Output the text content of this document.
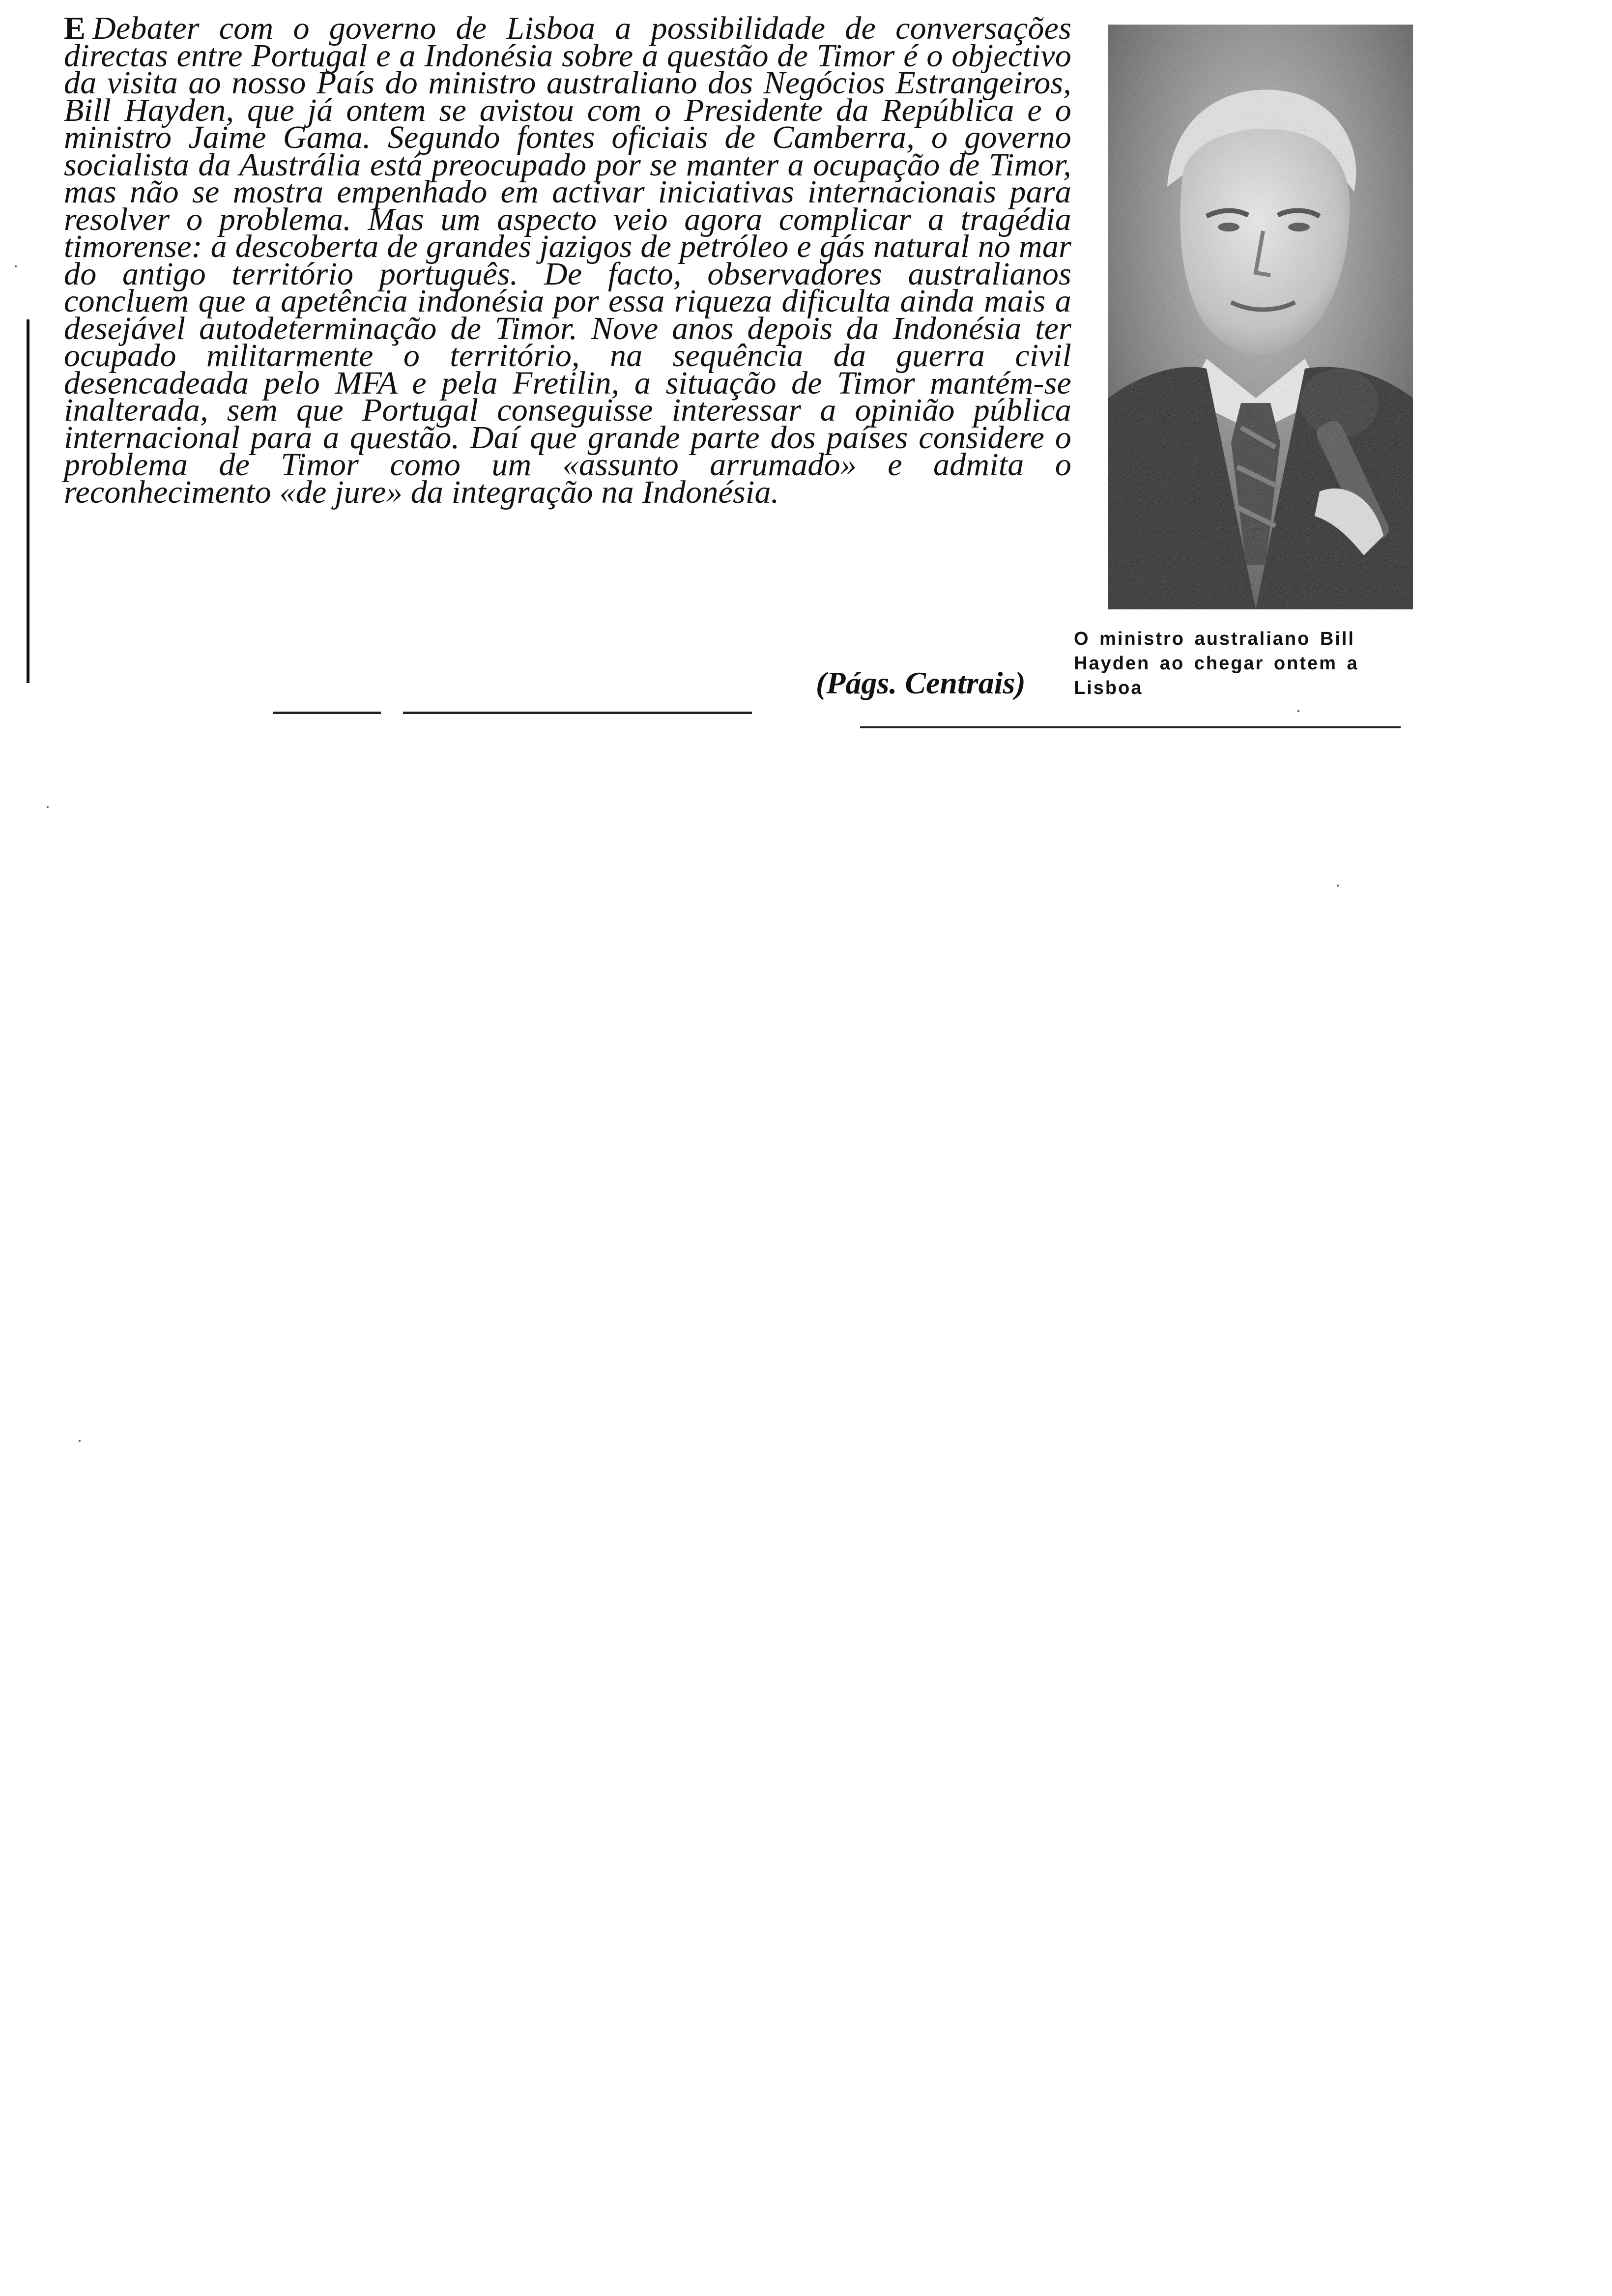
E Debater com o governo de Lisboa a possibilidade de conversações directas entre Portugal e a Indonésia sobre a questão de Timor é o objectivo da visita ao nosso País do ministro australiano dos Negócios Estrangeiros, Bill Hayden, que já ontem se avistou com o Presidente da República e o ministro Jaime Gama. Segundo fontes oficiais de Camberra, o governo socialista da Austrália está preocupado por se manter a ocupação de Timor, mas não se mostra empenhado em activar iniciativas internacionais para resolver o problema. Mas um aspecto veio agora complicar a tragédia timorense: a descoberta de grandes jazigos de petróleo e gás natural no mar do antigo território português. De facto, observadores australianos concluem que a apetência indonésia por essa riqueza dificulta ainda mais a desejável autodeterminação de Timor. Nove anos depois da Indonésia ter ocupado militarmente o território, na sequência da guerra civil desencadeada pelo MFA e pela Fretilin, a situação de Timor mantém-se inalterada, sem que Portugal conseguisse interessar a opinião pública internacional para a questão. Daí que grande parte dos países considere o problema de Timor como um «assunto arrumado» e admita o reconhecimento «de jure» da integração na Indonésia.
(Págs. Centrais)
O ministro australiano Bill Hayden ao chegar ontem a Lisboa
